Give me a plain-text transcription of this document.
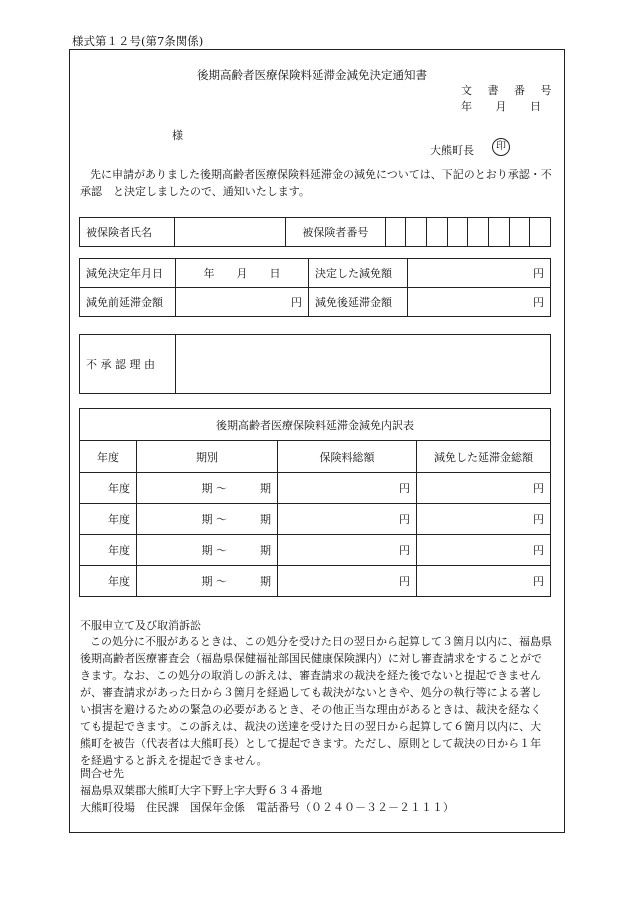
様式第１２号(第7条関係)
後期高齢者医療保険料延滞金減免決定通知書
文 書 番 号
年 月 日
様
大熊町長	印
先に申請がありました後期高齢者医療保険料延滞金の減免については、下記のとおり承認・不承認　と決定しましたので、通知いたします。
被保険者氏名		被保険者番号								
減免決定年月日	年　　月　　日	決定した減免額	円
減免前延滞金額	円	減免後延滞金額	円
不 承 認 理 由	
後期高齢者医療保険料延滞金減免内訳表			
年度	期別	保険料総額	減免した延滞金総額
年度	期 〜　　　期	円	円
年度	期 〜　　　期	円	円
年度	期 〜　　　期	円	円
年度	期 〜　　　期	円	円
不服申立て及び取消訴訟
この処分に不服があるときは、この処分を受けた日の翌日から起算して３箇月以内に、福島県後期高齢者医療審査会（福島県保健福祉部国民健康保険課内）に対し審査請求をすることができます。なお、この処分の取消しの訴えは、審査請求の裁決を経た後でないと提起できませんが、審査請求があった日から３箇月を経過しても裁決がないときや、処分の執行等による著しい損害を避けるための緊急の必要があるとき、その他正当な理由があるときは、裁決を経なくても提起できます。この訴えは、裁決の送達を受けた日の翌日から起算して６箇月以内に、大熊町を被告（代表者は大熊町長）として提起できます。ただし、原則として裁決の日から１年を経過すると訴えを提起できません。
問合せ先
福島県双葉郡大熊町大字下野上字大野６３４番地
大熊町役場　住民課　国保年金係　電話番号（０２４０－３２－２１１１）
